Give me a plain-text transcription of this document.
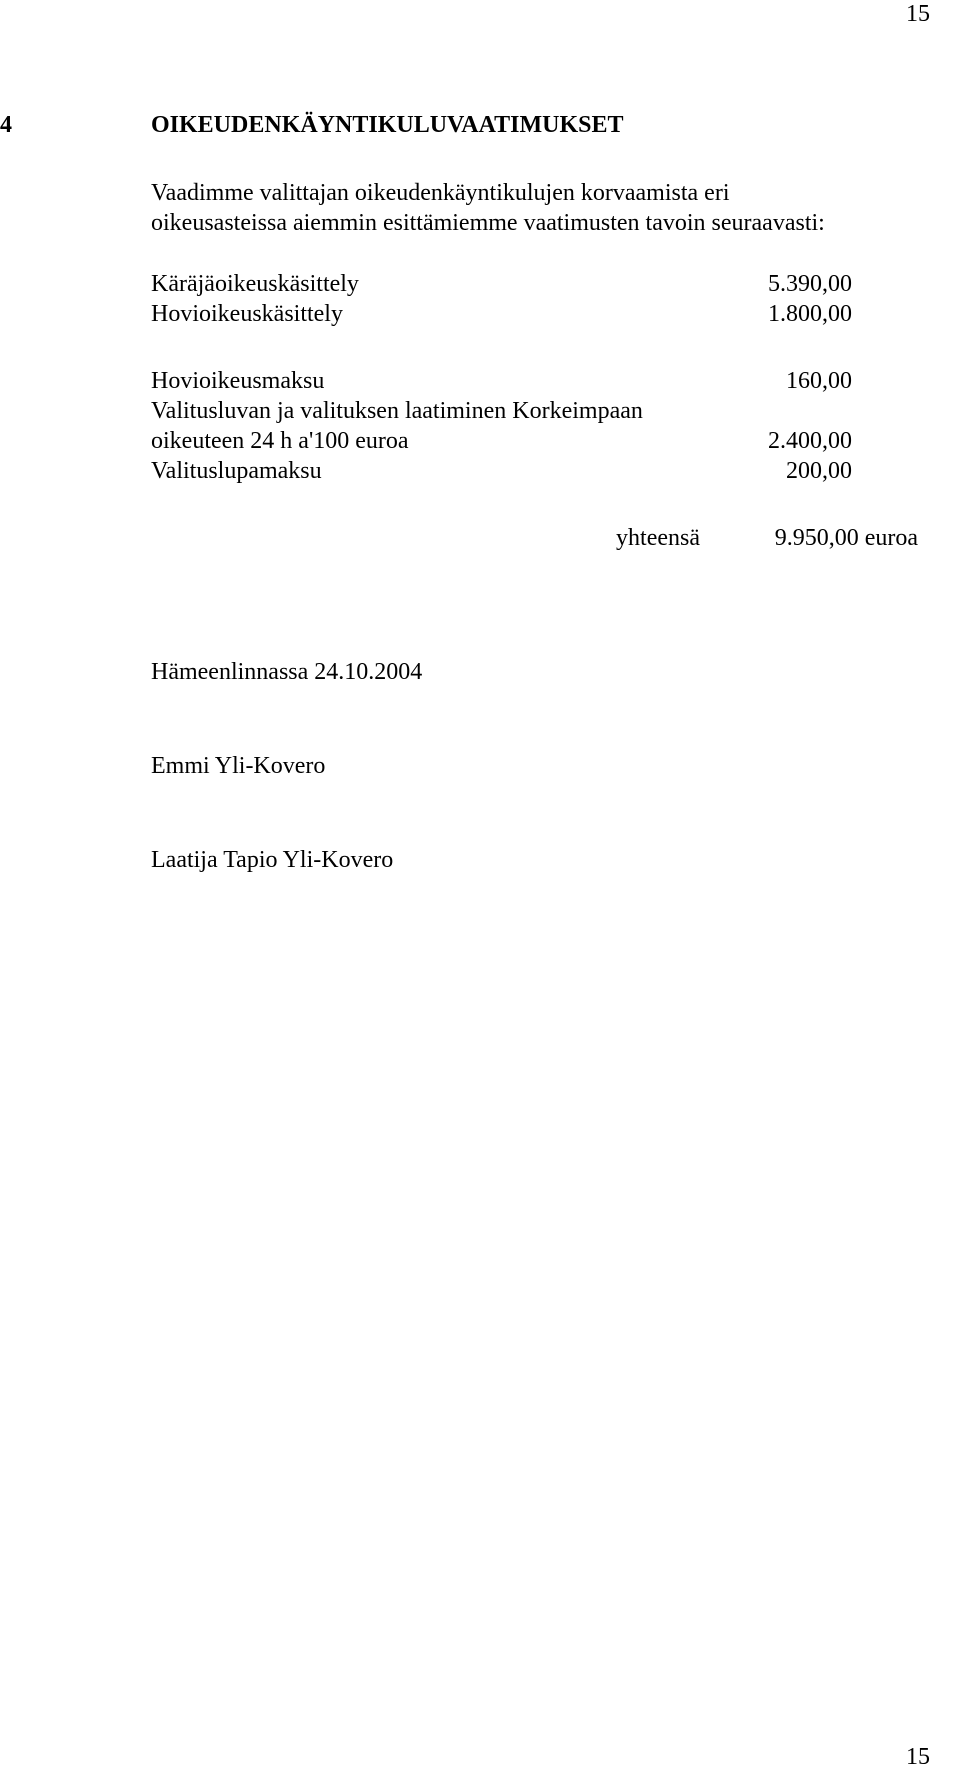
15
4	OIKEUDENKÄYNTIKULUVAATIMUKSET
Vaadimme valittajan oikeudenkäyntikulujen korvaamista eri
oikeusasteissa aiemmin esittämiemme vaatimusten tavoin seuraavasti:
Käräjäoikeuskäsittely	5.390,00
Hovioikeuskäsittely	1.800,00
Hovioikeusmaksu	160,00
Valitusluvan ja valituksen laatiminen Korkeimpaan
oikeuteen 24 h a'100 euroa	2.400,00
Valituslupamaksu	200,00
yhteensä	9.950,00 euroa
Hämeenlinnassa 24.10.2004
Emmi Yli-Kovero
Laatija Tapio Yli-Kovero
15
